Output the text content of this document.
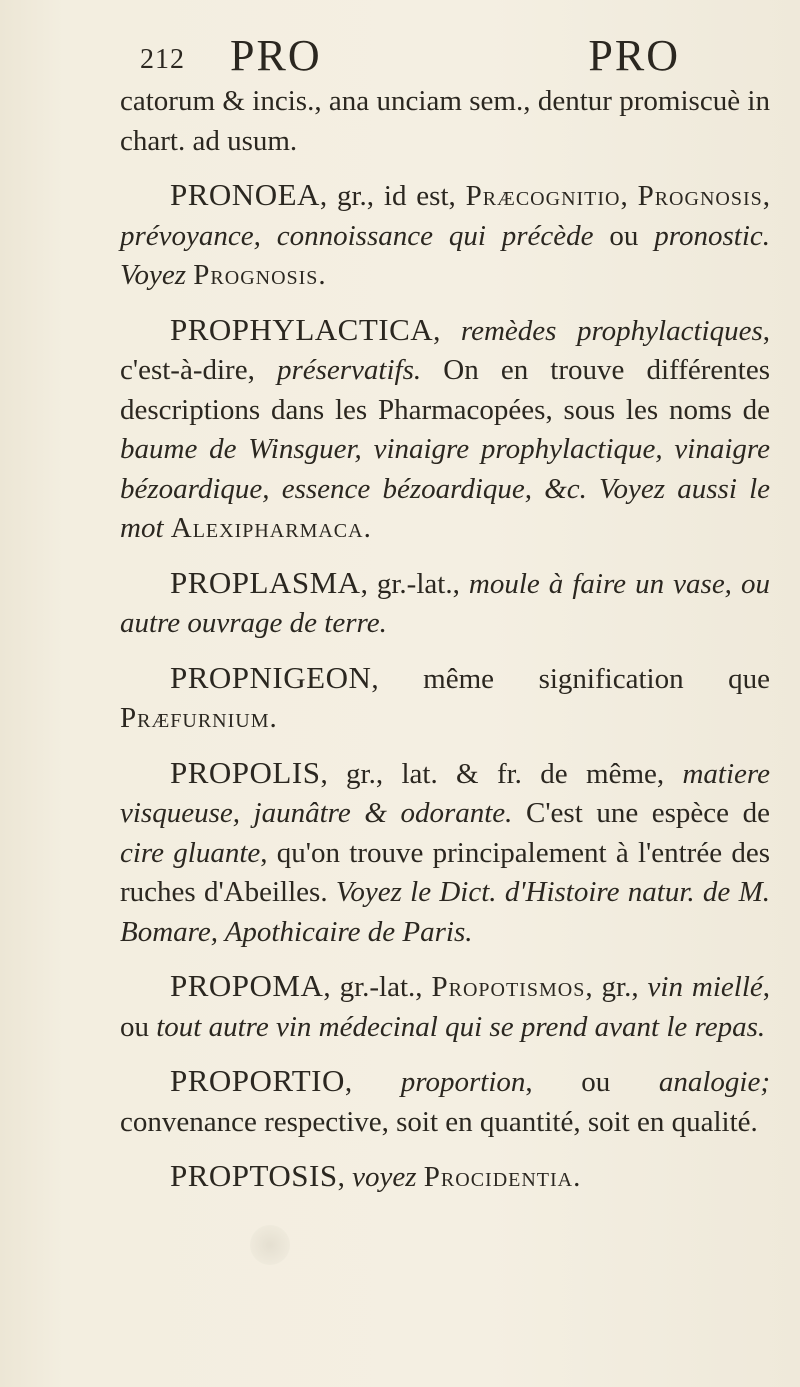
212 PRO	PRO

catorum & incis., ana unciam sem., dentur promiscuè in chart. ad usum.

PRONOEA, gr., id est, Prӕcognitio, Prognosis, prévoyance, connoissance qui précède ou pronostic. Voyez Prognosis.

PROPHYLACTICA, remèdes prophylactiques, c'est-à-dire, préservatifs. On en trouve différentes descriptions dans les Pharmacopées, sous les noms de baume de Winsguer, vinaigre prophylactique, vinaigre bézoardique, essence bézoardique, &c. Voyez aussi le mot Alexipharmaca.

PROPLASMA, gr.-lat., moule à faire un vase, ou autre ouvrage de terre.

PROPNIGEON, même signification que Prӕfurnium.

PROPOLIS, gr., lat. & fr. de même, matiere visqueuse, jaunâtre & odorante. C'est une espèce de cire gluante, qu'on trouve principalement à l'entrée des ruches d'Abeilles. Voyez le Dict. d'Histoire natur. de M. Bomare, Apothicaire de Paris.

PROPOMA, gr.-lat., Propotismos, gr., vin miellé, ou tout autre vin médecinal qui se prend avant le repas.

PROPORTIO, proportion, ou analogie; convenance respective, soit en quantité, soit en qualité.

PROPTOSIS, voyez Procidentia.
